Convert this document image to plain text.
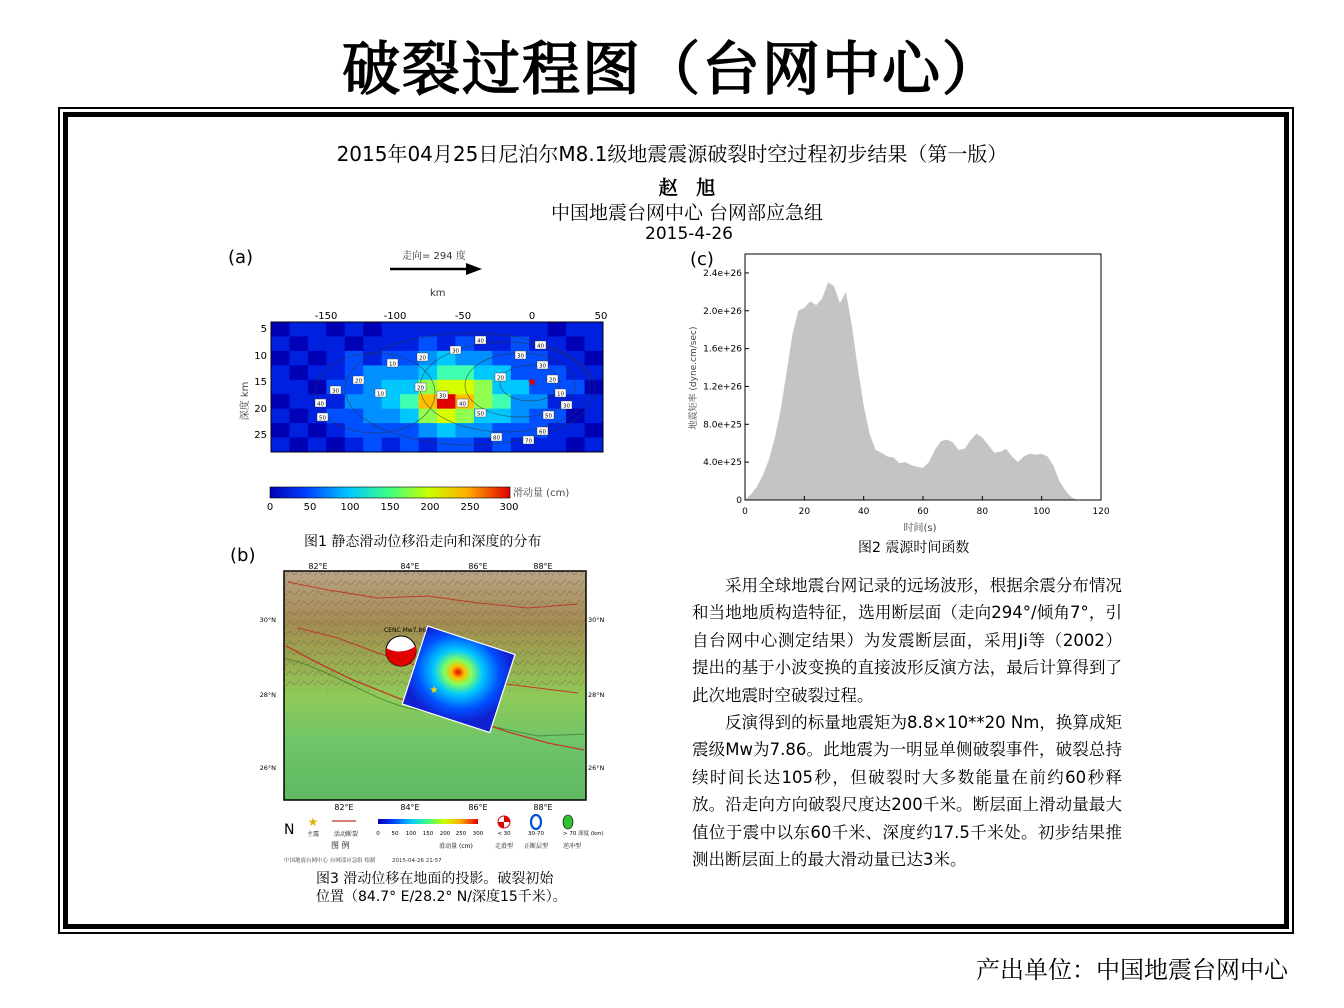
破裂过程图（台网中心）
2015年04月25日尼泊尔M8.1级地震震源破裂时空过程初步结果（第一版）
赵 旭
中国地震台网中心 台网部应急组
2015-4-26
(a)	走向= 294 度
km
-150	-100	-50	0	50
深度 km
5
10
15
20
25
40
30
20
10
20
30
40
50
10
20
30
40
50
20
30
40
30
20
10
30
50
60
70
80
★
滑动量 (cm)
0	50 100 150 200 250 300
图1 静态滑动位移沿走向和深度的分布
(b)
82°E	84°E	86°E	88°E
★
CENC Mw7.86
30°N
28°N
26°N
30°N
28°N
26°N
82°E	84°E	86°E	88°E
N ★
主震 活动断裂
图 例
0 50 100 150 200 250 300
滑动量 (cm)
< 30
走滑型
30-70
正断层型
> 70 深度 (km)
逆冲型
中国地震台网中心 台网部应急组 绘制	2015-04-26 21:57
图3 滑动位移在地面的投影。破裂初始
位置（84.7° E/28.2° N/深度15千米）。
(c)
地震矩率 (dyne.cm/sec)
时间(s)
0	20	40	60	80	100	120
0
4.0e+25
8.0e+25
1.2e+26
1.6e+26
2.0e+26
2.4e+26
图2 震源时间函数

采用全球地震台网记录的远场波形，根据余震分布情况和当地地质构造特征，选用断层面（走向294°/倾角7°，引自台网中心测定结果）为发震断层面，采用Ji等（2002）提出的基于小波变换的直接波形反演方法，最后计算得到了此次地震时空破裂过程。

反演得到的标量地震矩为8.8×10**20 Nm，换算成矩震级Mw为7.86。此地震为一明显单侧破裂事件，破裂总持续时间长达105秒，但破裂时大多数能量在前约60秒释放。沿走向方向破裂尺度达200千米。断层面上滑动量最大值位于震中以东60千米、深度约17.5千米处。初步结果推测出断层面上的最大滑动量已达3米。

产出单位：中国地震台网中心
